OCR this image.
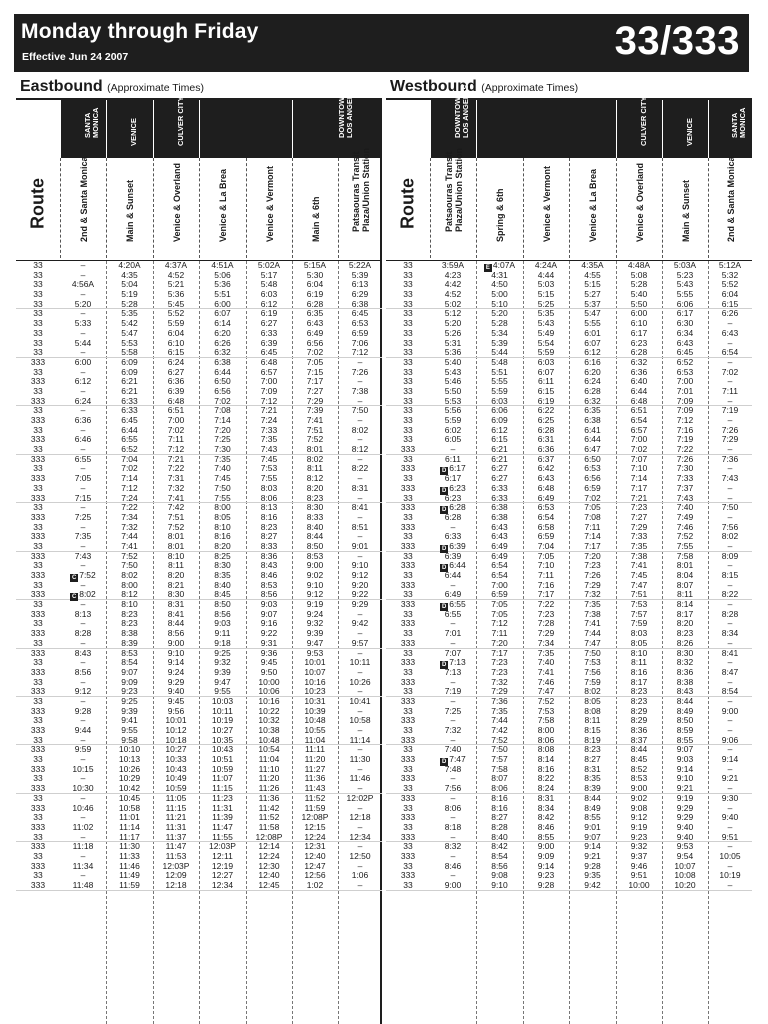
Monday through Friday
Effective Jun 24 2007	33/333
Eastbound (Approximate Times)
Route
SANTA
MONICA	VENICE	CULVER CITY	DOWNTOWN
LOS ANGELES
2nd & Santa Monica	Main & Sunset	Venice & Overland	Venice & La Brea	Venice & Vermont	Main & 6th	Patsaouras Transit
Plaza/Union Station
33	–	4:20A	4:37A	4:51A	5:02A	5:15A	5:22A
33	–	4:35	4:52	5:06	5:17	5:30	5:39
33	4:56A	5:04	5:21	5:36	5:48	6:04	6:13
33	–	5:19	5:36	5:51	6:03	6:19	6:29
33	5:20	5:28	5:45	6:00	6:12	6:28	6:38
33	–	5:35	5:52	6:07	6:19	6:35	6:45
33	5:33	5:42	5:59	6:14	6:27	6:43	6:53
33	–	5:47	6:04	6:20	6:33	6:49	6:59
33	5:44	5:53	6:10	6:26	6:39	6:56	7:06
33	–	5:58	6:15	6:32	6:45	7:02	7:12
333	6:00	6:09	6:24	6:38	6:48	7:05	–
33	–	6:09	6:27	6:44	6:57	7:15	7:26
333	6:12	6:21	6:36	6:50	7:00	7:17	–
33	–	6:21	6:39	6:56	7:09	7:27	7:38
333	6:24	6:33	6:48	7:02	7:12	7:29	–
33	–	6:33	6:51	7:08	7:21	7:39	7:50
333	6:36	6:45	7:00	7:14	7:24	7:41	–
33	–	6:44	7:02	7:20	7:33	7:51	8:02
333	6:46	6:55	7:11	7:25	7:35	7:52	–
33	–	6:52	7:12	7:30	7:43	8:01	8:12
333	6:55	7:04	7:21	7:35	7:45	8:02	–
33	–	7:02	7:22	7:40	7:53	8:11	8:22
333	7:05	7:14	7:31	7:45	7:55	8:12	–
33	–	7:12	7:32	7:50	8:03	8:20	8:31
333	7:15	7:24	7:41	7:55	8:06	8:23	–
33	–	7:22	7:42	8:00	8:13	8:30	8:41
333	7:25	7:34	7:51	8:05	8:16	8:33	–
33	–	7:32	7:52	8:10	8:23	8:40	8:51
333	7:35	7:44	8:01	8:16	8:27	8:44	–
33	–	7:41	8:01	8:20	8:33	8:50	9:01
333	7:43	7:52	8:10	8:25	8:36	8:53	–
33	–	7:50	8:11	8:30	8:43	9:00	9:10
333	C 7:52	8:02	8:20	8:35	8:46	9:02	9:12
33	–	8:00	8:21	8:40	8:53	9:10	9:20
333	C 8:02	8:12	8:30	8:45	8:56	9:12	9:22
33	–	8:10	8:31	8:50	9:03	9:19	9:29
333	8:13	8:23	8:41	8:56	9:07	9:24	–
33	–	8:23	8:44	9:03	9:16	9:32	9:42
333	8:28	8:38	8:56	9:11	9:22	9:39	–
33	–	8:39	9:00	9:18	9:31	9:47	9:57
333	8:43	8:53	9:10	9:25	9:36	9:53	–
33	–	8:54	9:14	9:32	9:45	10:01	10:11
333	8:56	9:07	9:24	9:39	9:50	10:07	–
33	–	9:09	9:29	9:47	10:00	10:16	10:26
333	9:12	9:23	9:40	9:55	10:06	10:23	–
33	–	9:25	9:45	10:03	10:16	10:31	10:41
333	9:28	9:39	9:56	10:11	10:22	10:39	–
33	–	9:41	10:01	10:19	10:32	10:48	10:58
333	9:44	9:55	10:12	10:27	10:38	10:55	–
33	–	9:58	10:18	10:35	10:48	11:04	11:14
333	9:59	10:10	10:27	10:43	10:54	11:11	–
33	–	10:13	10:33	10:51	11:04	11:20	11:30
333	10:15	10:26	10:43	10:59	11:10	11:27	–
33	–	10:29	10:49	11:07	11:20	11:36	11:46
333	10:30	10:42	10:59	11:15	11:26	11:43	–
33	–	10:45	11:05	11:23	11:36	11:52	12:02P
333	10:46	10:58	11:15	11:31	11:42	11:59	–
33	–	11:01	11:21	11:39	11:52	12:08P	12:18
333	11:02	11:14	11:31	11:47	11:58	12:15	–
33	–	11:17	11:37	11:55	12:08P	12:24	12:34
333	11:18	11:30	11:47	12:03P	12:14	12:31	–
33	–	11:33	11:53	12:11	12:24	12:40	12:50
333	11:34	11:46	12:03P	12:19	12:30	12:47	–
33	–	11:49	12:09	12:27	12:40	12:56	1:06
333	11:48	11:59	12:18	12:34	12:45	1:02	–
Westbound (Approximate Times)
Route
DOWNTOWN
LOS ANGELES	CULVER CITY	VENICE	SANTA
MONICA
Patsaouras Transit
Plaza/Union Station
Spring & 6th	Venice & Vermont	Venice & La Brea	Venice & Overland	Main & Sunset	2nd & Santa Monica
33	3:59A	E 4:07A	4:24A	4:35A	4:48A	5:03A	5:12A
33	4:23	4:31	4:44	4:55	5:08	5:23	5:32
33	4:42	4:50	5:03	5:15	5:28	5:43	5:52
33	4:52	5:00	5:15	5:27	5:40	5:55	6:04
33	5:02	5:10	5:25	5:37	5:50	6:06	6:15
33	5:12	5:20	5:35	5:47	6:00	6:17	6:26
33	5:20	5:28	5:43	5:55	6:10	6:30	–
33	5:26	5:34	5:49	6:01	6:17	6:34	6:43
33	5:31	5:39	5:54	6:07	6:23	6:43	–
33	5:36	5:44	5:59	6:12	6:28	6:45	6:54
33	5:40	5:48	6:03	6:16	6:32	6:52	–
33	5:43	5:51	6:07	6:20	6:36	6:53	7:02
33	5:46	5:55	6:11	6:24	6:40	7:00	–
33	5:50	5:59	6:15	6:28	6:44	7:01	7:11
33	5:53	6:03	6:19	6:32	6:48	7:09	–
33	5:56	6:06	6:22	6:35	6:51	7:09	7:19
33	5:59	6:09	6:25	6:38	6:54	7:12	–
33	6:02	6:12	6:28	6:41	6:57	7:16	7:26
33	6:05	6:15	6:31	6:44	7:00	7:19	7:29
333	–	6:21	6:36	6:47	7:02	7:22	–
33	6:11	6:21	6:37	6:50	7:07	7:26	7:36
333	D 6:17	6:27	6:42	6:53	7:10	7:30	–
33	6:17	6:27	6:43	6:56	7:14	7:33	7:43
333	D 6:23	6:33	6:48	6:59	7:17	7:37	–
33	6:23	6:33	6:49	7:02	7:21	7:43	–
333	D 6:28	6:38	6:53	7:05	7:23	7:40	7:50
33	6:28	6:38	6:54	7:08	7:27	7:49	–
333	–	6:43	6:58	7:11	7:29	7:46	7:56
33	6:33	6:43	6:59	7:14	7:33	7:52	8:02
333	D 6:39	6:49	7:04	7:17	7:35	7:55	–
33	6:39	6:49	7:05	7:20	7:38	7:58	8:09
333	D 6:44	6:54	7:10	7:23	7:41	8:01	–
33	6:44	6:54	7:11	7:26	7:45	8:04	8:15
333	–	7:00	7:16	7:29	7:47	8:07	–
33	6:49	6:59	7:17	7:32	7:51	8:11	8:22
333	D 6:55	7:05	7:22	7:35	7:53	8:14	–
33	6:55	7:05	7:23	7:38	7:57	8:17	8:28
333	–	7:12	7:28	7:41	7:59	8:20	–
33	7:01	7:11	7:29	7:44	8:03	8:23	8:34
333	–	7:20	7:34	7:47	8:05	8:26	–
33	7:07	7:17	7:35	7:50	8:10	8:30	8:41
333	D 7:13	7:23	7:40	7:53	8:11	8:32	–
33	7:13	7:23	7:41	7:56	8:16	8:36	8:47
333	–	7:32	7:46	7:59	8:17	8:38	–
33	7:19	7:29	7:47	8:02	8:23	8:43	8:54
333	–	7:36	7:52	8:05	8:23	8:44	–
33	7:25	7:35	7:53	8:08	8:29	8:49	9:00
333	–	7:44	7:58	8:11	8:29	8:50	–
33	7:32	7:42	8:00	8:15	8:36	8:59	–
333	–	7:52	8:06	8:19	8:37	8:55	9:06
33	7:40	7:50	8:08	8:23	8:44	9:07	–
333	D 7:47	7:57	8:14	8:27	8:45	9:03	9:14
33	7:48	7:58	8:16	8:31	8:52	9:14	–
333	–	8:07	8:22	8:35	8:53	9:10	9:21
33	7:56	8:06	8:24	8:39	9:00	9:21	–
333	–	8:16	8:31	8:44	9:02	9:19	9:30
33	8:06	8:16	8:34	8:49	9:08	9:29	–
333	–	8:27	8:42	8:55	9:12	9:29	9:40
33	8:18	8:28	8:46	9:01	9:19	9:40	–
333	–	8:40	8:55	9:07	9:23	9:40	9:51
33	8:32	8:42	9:00	9:14	9:32	9:53	–
333	–	8:54	9:09	9:21	9:37	9:54	10:05
33	8:46	8:56	9:14	9:28	9:46	10:07	–
333	–	9:08	9:23	9:35	9:51	10:08	10:19
33	9:00	9:10	9:28	9:42	10:00	10:20	–
